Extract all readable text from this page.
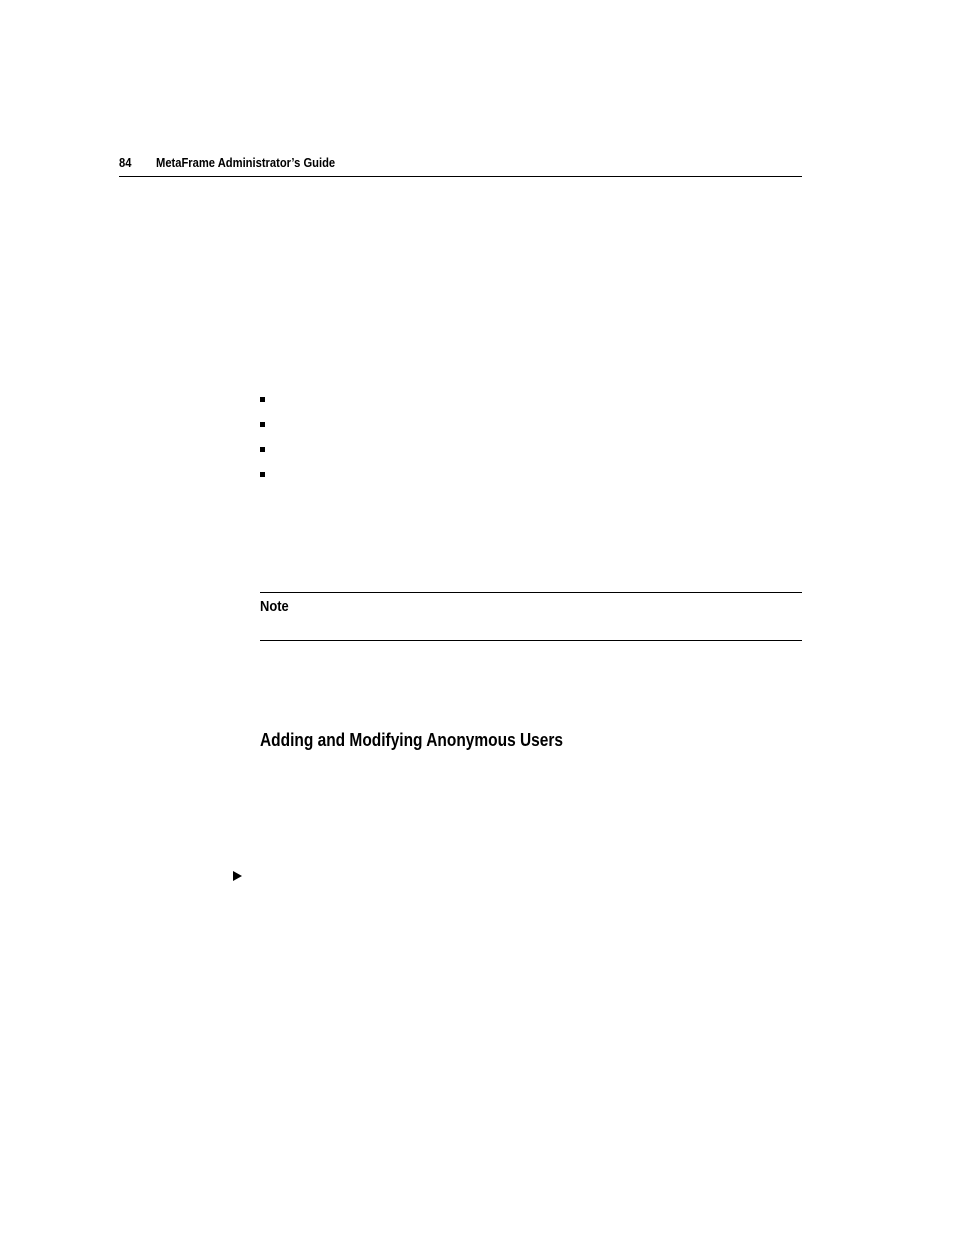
84 MetaFrame Administrator’s Guide
Note
Adding and Modifying Anonymous Users
